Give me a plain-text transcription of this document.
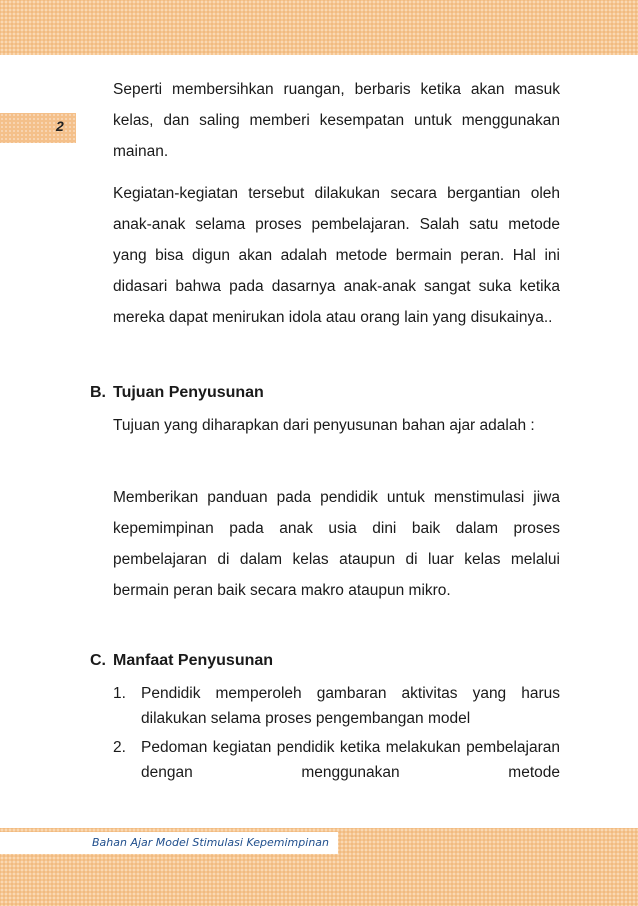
2

Seperti membersihkan ruangan, berbaris ketika akan masuk kelas, dan saling memberi kesempatan untuk menggunakan mainan.

Kegiatan-kegiatan tersebut dilakukan secara bergantian oleh anak-anak selama proses pembelajaran. Salah satu metode yang bisa digun akan adalah metode bermain peran. Hal ini didasari bahwa pada dasarnya anak-anak sangat suka ketika mereka dapat menirukan idola atau orang lain yang disukainya..

B. Tujuan Penyusunan

Tujuan yang diharapkan dari penyusunan bahan ajar adalah :

Memberikan panduan pada pendidik untuk menstimulasi jiwa kepemimpinan pada anak usia dini baik dalam proses pembelajaran di dalam kelas ataupun di luar kelas melalui bermain peran baik secara makro ataupun mikro.

C. Manfaat Penyusunan
1. Pendidik memperoleh gambaran aktivitas yang harus dilakukan selama proses pengembangan model
2. Pedoman kegiatan pendidik ketika melakukan pembelajaran dengan menggunakan metode
Bahan Ajar Model Stimulasi Kepemimpinan
